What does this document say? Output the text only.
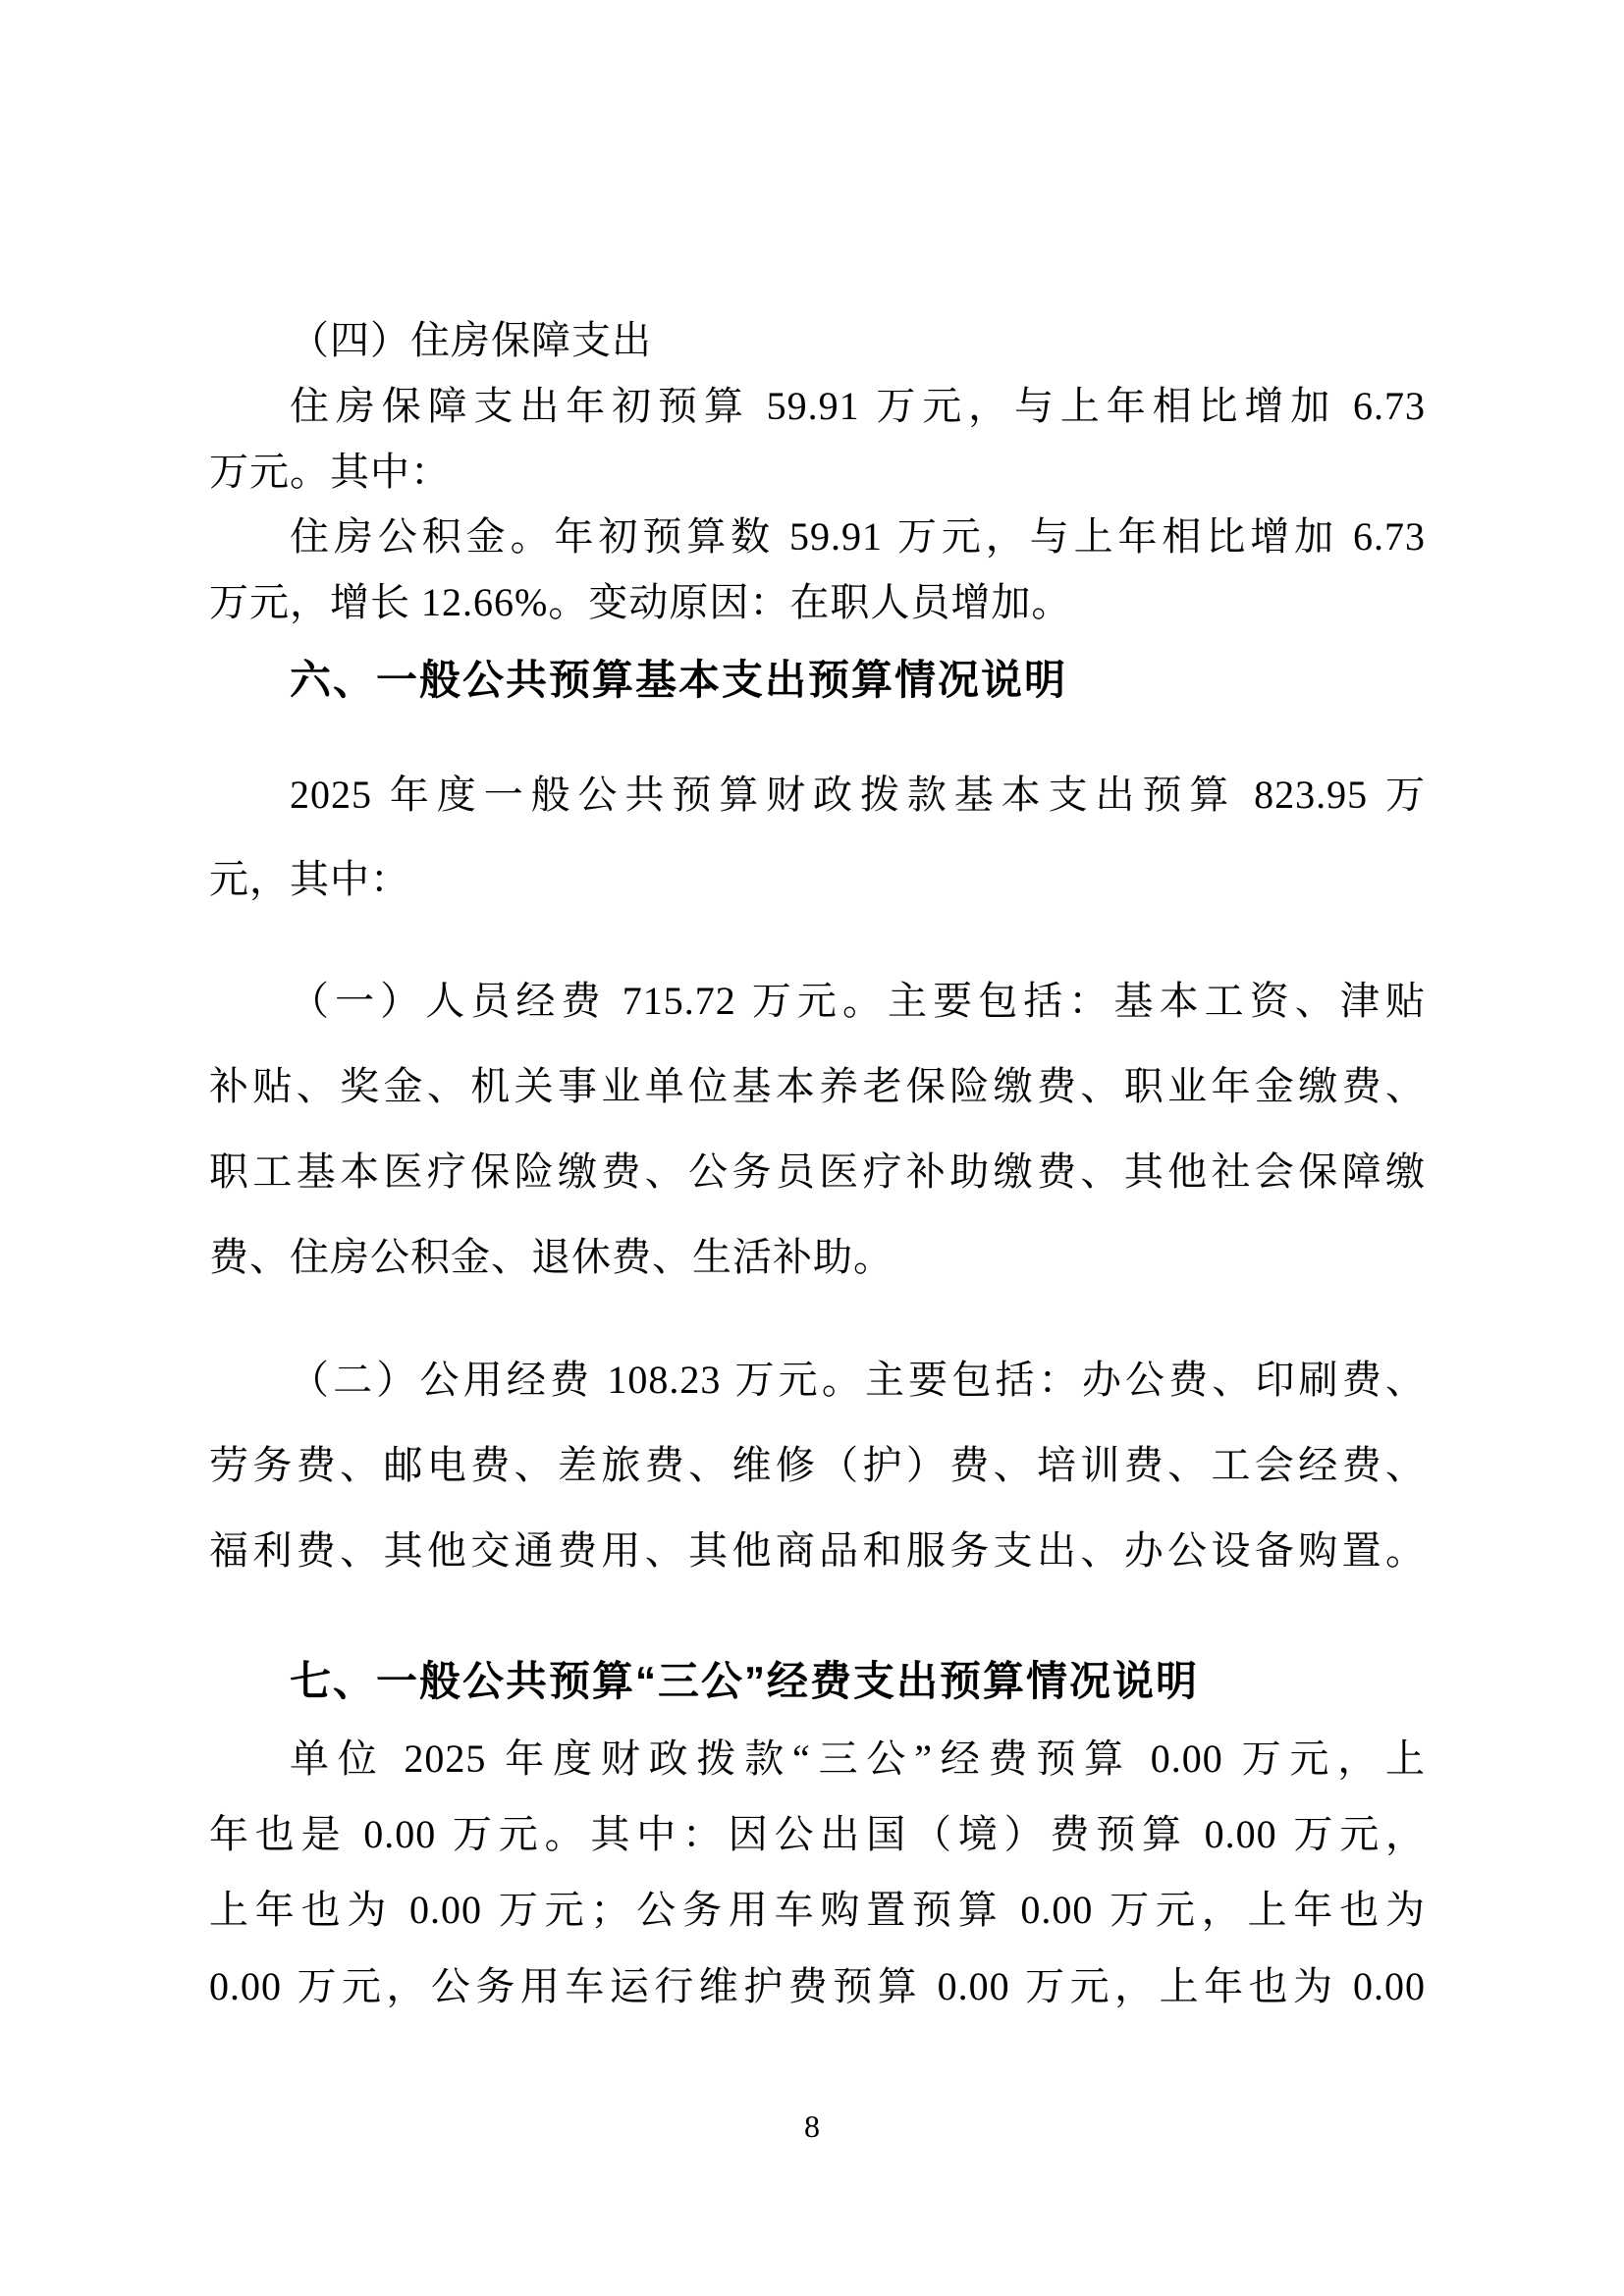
（四）住房保障支出
住房保障支出年初预算 59.91 万元，与上年相比增加 6.73
万元。其中：
住房公积金。年初预算数 59.91 万元，与上年相比增加 6.73
万元，增长 12.66%。变动原因：在职人员增加。
六、一般公共预算基本支出预算情况说明
2025 年度一般公共预算财政拨款基本支出预算 823.95 万
元，其中：
（一）人员经费 715.72 万元。主要包括：基本工资、津贴
补贴、奖金、机关事业单位基本养老保险缴费、职业年金缴费、
职工基本医疗保险缴费、公务员医疗补助缴费、其他社会保障缴
费、住房公积金、退休费、生活补助。
（二）公用经费 108.23 万元。主要包括：办公费、印刷费、
劳务费、邮电费、差旅费、维修（护）费、培训费、工会经费、
福利费、其他交通费用、其他商品和服务支出、办公设备购置。
七、一般公共预算“三公”经费支出预算情况说明
单位 2025 年度财政拨款“三公”经费预算 0.00 万元，上
年也是 0.00 万元。其中：因公出国（境）费预算 0.00 万元，
上年也为 0.00 万元；公务用车购置预算 0.00 万元，上年也为
0.00 万元，公务用车运行维护费预算 0.00 万元，上年也为 0.00
8
